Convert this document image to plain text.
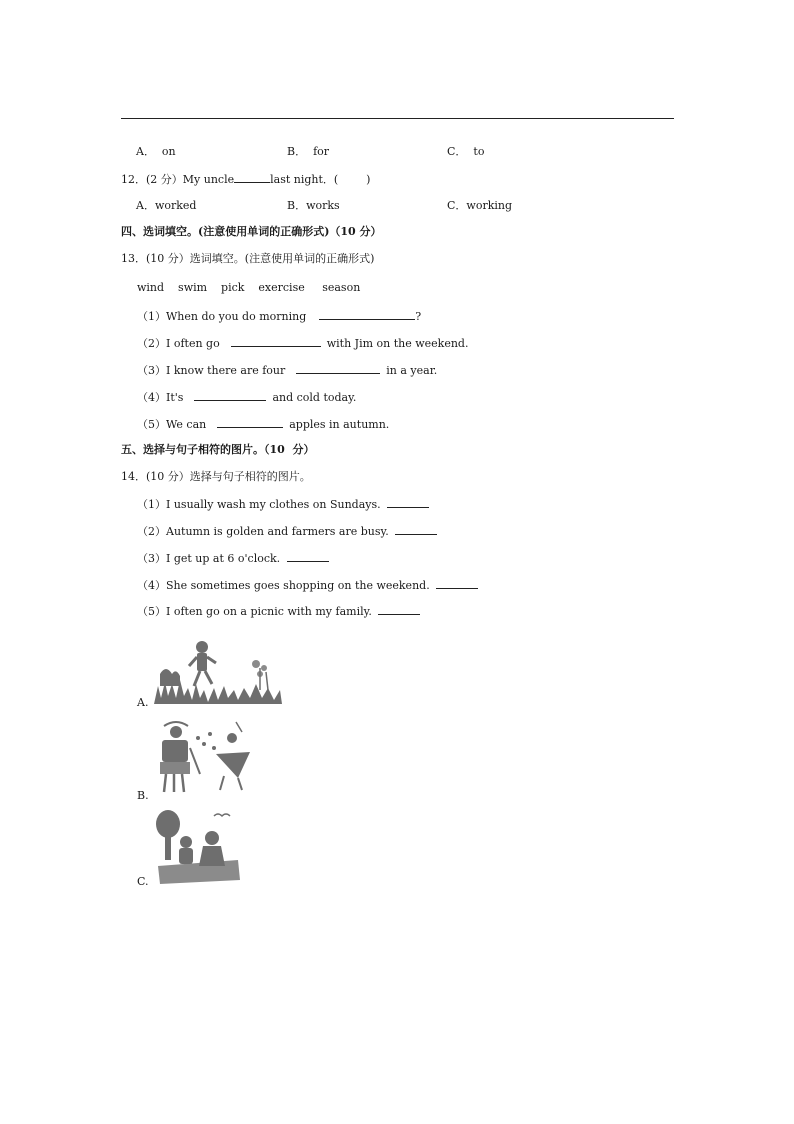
A．  on	B．  for	C．  to
12．(2 分）My uncle	last night．(        )
A．worked	B．works	C．working
四、选词填空。(注意使用单词的正确形式)（10 分）
13．(10 分）选词填空。(注意使用单词的正确形式)
wind    swim    pick    exercise     season
（1）When do you do morning	?
（2）I often go	with Jim on the weekend.
（3）I know there are four	in a year.
（4）It's	and cold today.
（5）We can	apples in autumn.
五、选择与句子相符的图片。（10  分）
14．(10 分）选择与句子相符的图片。
（1）I usually wash my clothes on Sundays.
（2）Autumn is golden and farmers are busy.
（3）I get up at 6 o'clock.
（4）She sometimes goes shopping on the weekend.
（5）I often go on a picnic with my family.
A.
B.
C.
